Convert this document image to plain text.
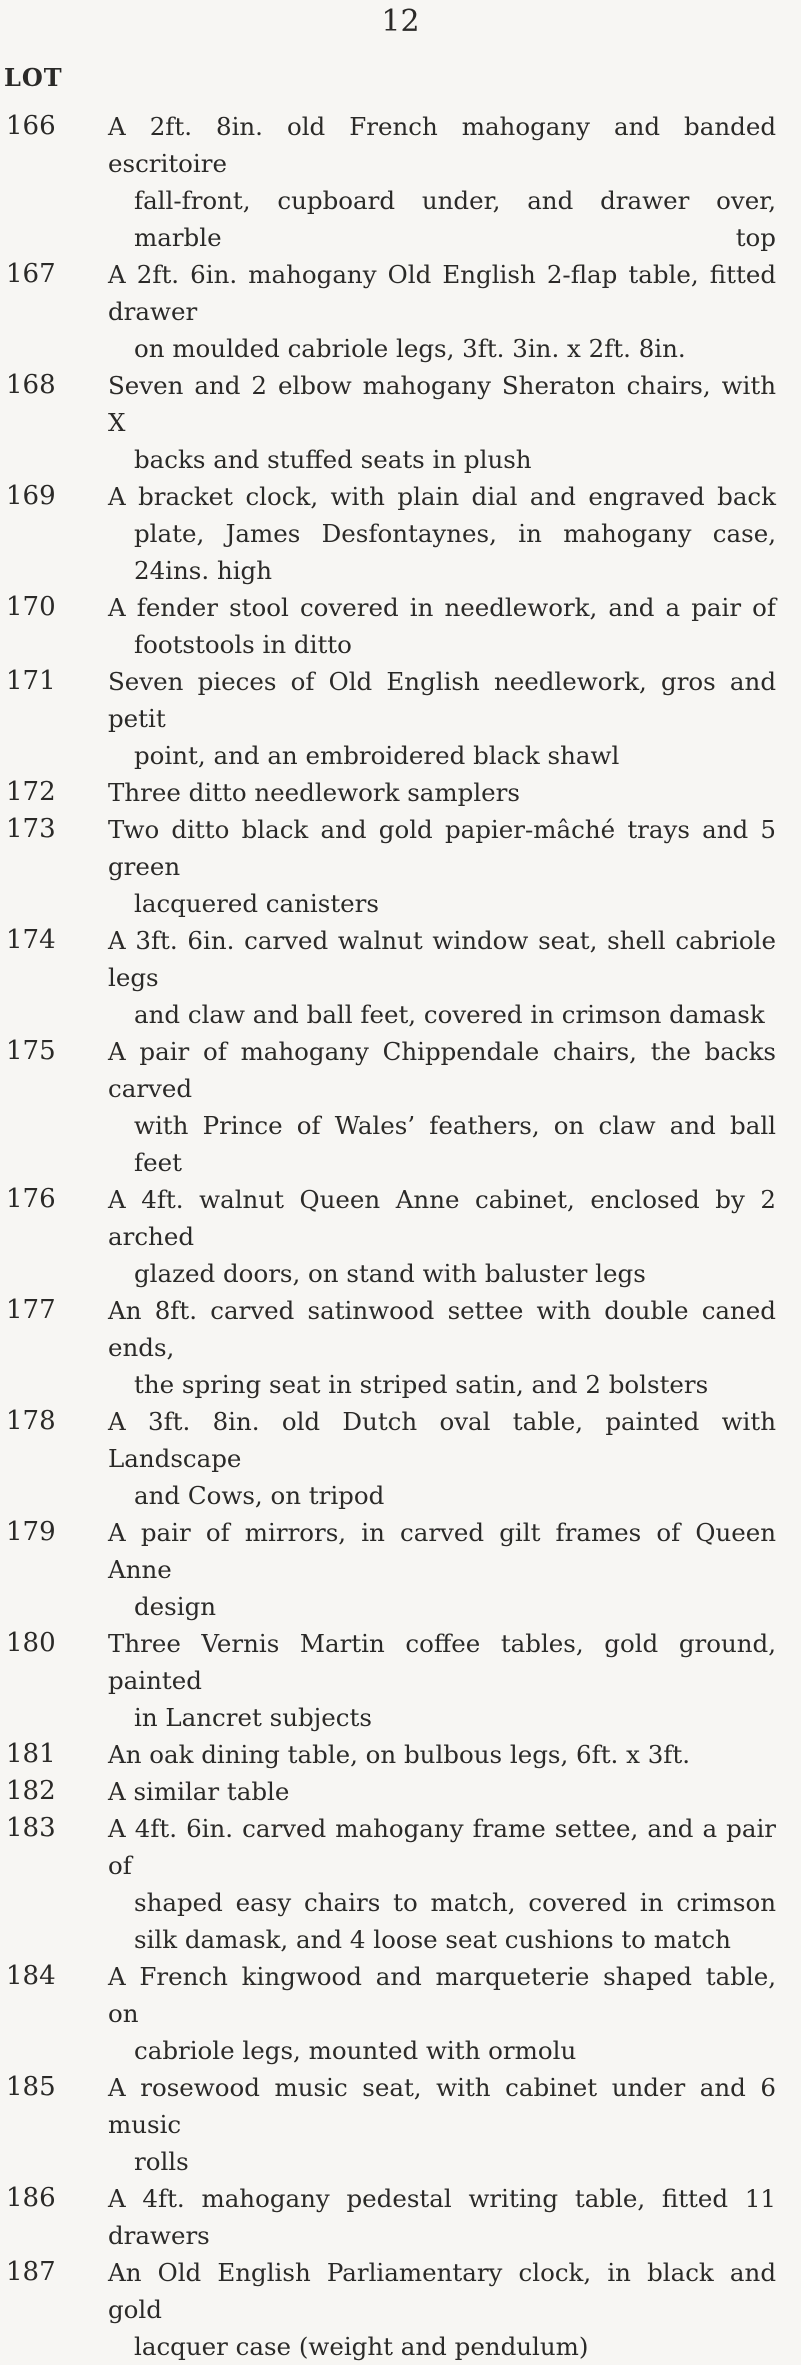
12
LOT
166	A 2ft. 8in. old French mahogany and banded escritoire
fall-front, cupboard under, and drawer over, marble top
167	A 2ft. 6in. mahogany Old English 2-flap table, fitted drawer
on moulded cabriole legs, 3ft. 3in. x 2ft. 8in.
168	Seven and 2 elbow mahogany Sheraton chairs, with X
backs and stuffed seats in plush
169	A bracket clock, with plain dial and engraved back
plate, James Desfontaynes, in mahogany case, 24ins. high
170	A fender stool covered in needlework, and a pair of
footstools in ditto
171	Seven pieces of Old English needlework, gros and petit
point, and an embroidered black shawl
172	Three ditto needlework samplers
173	Two ditto black and gold papier-mâché trays and 5 green
lacquered canisters
174	A 3ft. 6in. carved walnut window seat, shell cabriole legs
and claw and ball feet, covered in crimson damask
175	A pair of mahogany Chippendale chairs, the backs carved
with Prince of Wales’ feathers, on claw and ball feet
176	A 4ft. walnut Queen Anne cabinet, enclosed by 2 arched
glazed doors, on stand with baluster legs
177	An 8ft. carved satinwood settee with double caned ends,
the spring seat in striped satin, and 2 bolsters
178	A 3ft. 8in. old Dutch oval table, painted with Landscape
and Cows, on tripod
179	A pair of mirrors, in carved gilt frames of Queen Anne
design
180	Three Vernis Martin coffee tables, gold ground, painted
in Lancret subjects
181	An oak dining table, on bulbous legs, 6ft. x 3ft.
182	A similar table
183	A 4ft. 6in. carved mahogany frame settee, and a pair of
shaped easy chairs to match, covered in crimson silk damask, and 4 loose seat cushions to match
184	A French kingwood and marqueterie shaped table, on
cabriole legs, mounted with ormolu
185	A rosewood music seat, with cabinet under and 6 music
rolls
186	A 4ft. mahogany pedestal writing table, fitted 11 drawers
187	An Old English Parliamentary clock, in black and gold
lacquer case (weight and pendulum)
